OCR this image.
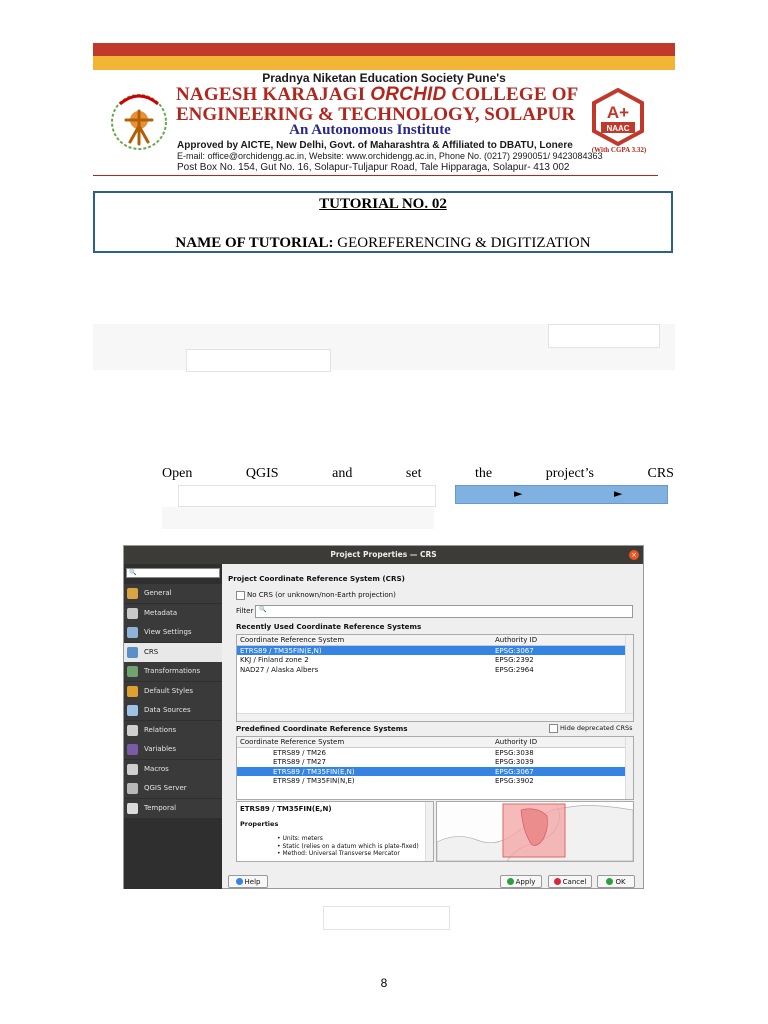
Pradnya Niketan Education Society Pune's
NAGESH KARAJAGI ORCHID COLLEGE OF
ENGINEERING & TECHNOLOGY, SOLAPUR
An Autonomous Institute
Approved by AICTE, New Delhi, Govt. of Maharashtra & Affiliated to DBATU, Lonere
E-mail: office@orchidengg.ac.in, Website: www.orchidengg.ac.in, Phone No. (0217) 2990051/ 9423084363
Post Box No. 154, Gut No. 16, Solapur-Tuljapur Road, Tale Hipparaga, Solapur- 413 002
A+
NAAC
(With CGPA 3.32)
TUTORIAL NO. 02
NAME OF TUTORIAL: GEOREFERENCING & DIGITIZATION
Open	QGIS	and	set	the	project’s	CRS
►	►
Project Properties — CRS	×
🔍
General
Metadata
View Settings
CRS
Transformations
Default Styles
Data Sources
Relations
Variables
Macros
QGIS Server
Temporal
Project Coordinate Reference System (CRS)
No CRS (or unknown/non-Earth projection)
Filter 🔍
Recently Used Coordinate Reference Systems
Coordinate Reference System	Authority ID
ETRS89 / TM35FIN(E,N)	EPSG:3067
KKJ / Finland zone 2	EPSG:2392
NAD27 / Alaska Albers	EPSG:2964
Predefined Coordinate Reference Systems	Hide deprecated CRSs
Coordinate Reference System	Authority ID
ETRS89 / TM26	EPSG:3038
ETRS89 / TM27	EPSG:3039
ETRS89 / TM35FIN(E,N)	EPSG:3067
ETRS89 / TM35FIN(N,E)	EPSG:3902
ETRS89 / TM35FIN(E,N)
Properties
• Units: meters
• Static (relies on a datum which is plate-fixed)
• Method: Universal Transverse Mercator
Help	Apply	Cancel	OK
8
